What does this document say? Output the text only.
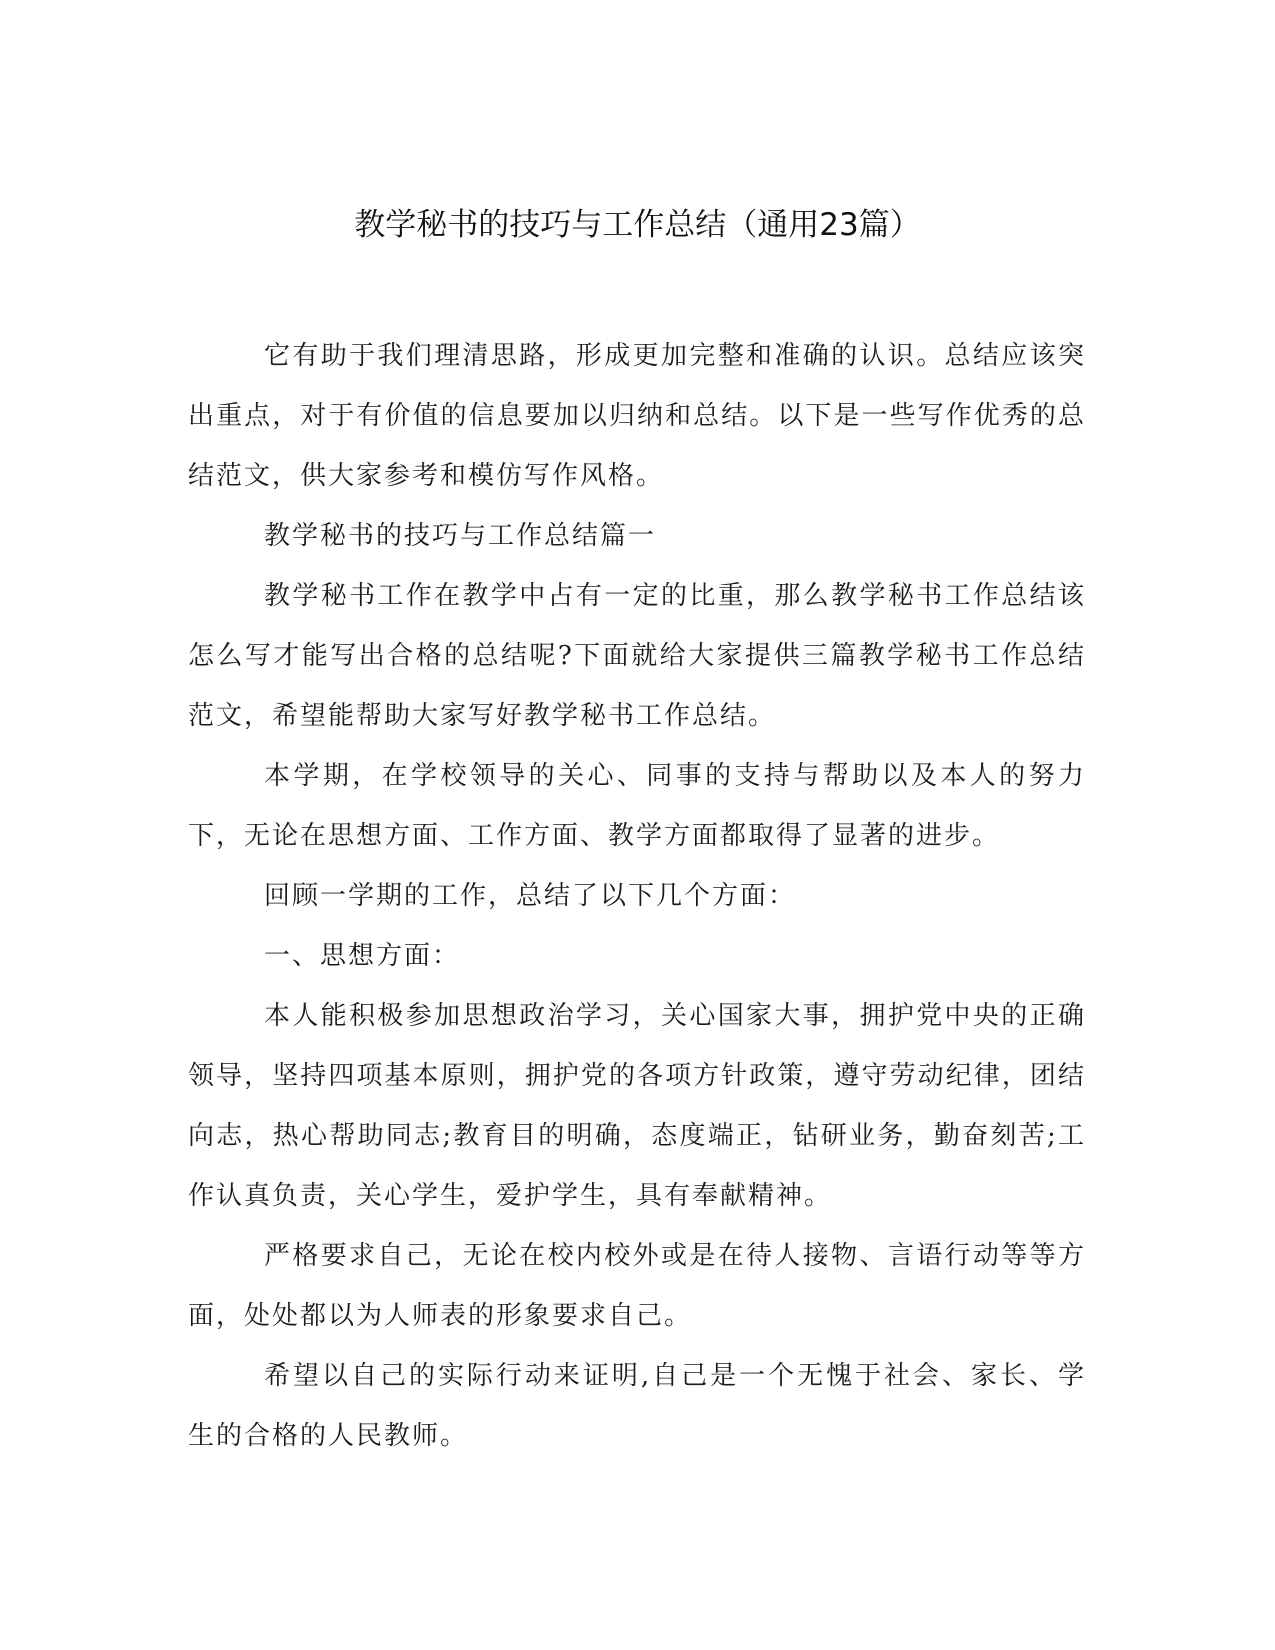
教学秘书的技巧与工作总结（通用23篇）

它有助于我们理清思路，形成更加完整和准确的认识。总结应该突出重点，对于有价值的信息要加以归纳和总结。以下是一些写作优秀的总结范文，供大家参考和模仿写作风格。

教学秘书的技巧与工作总结篇一

教学秘书工作在教学中占有一定的比重，那么教学秘书工作总结该怎么写才能写出合格的总结呢?下面就给大家提供三篇教学秘书工作总结范文，希望能帮助大家写好教学秘书工作总结。

本学期，在学校领导的关心、同事的支持与帮助以及本人的努力下，无论在思想方面、工作方面、教学方面都取得了显著的进步。

回顾一学期的工作，总结了以下几个方面：

一、思想方面：

本人能积极参加思想政治学习，关心国家大事，拥护党中央的正确领导，坚持四项基本原则，拥护党的各项方针政策，遵守劳动纪律，团结向志，热心帮助同志;教育目的明确，态度端正，钻研业务，勤奋刻苦;工作认真负责，关心学生，爱护学生，具有奉献精神。

严格要求自己，无论在校内校外或是在待人接物、言语行动等等方面，处处都以为人师表的形象要求自己。

希望以自己的实际行动来证明,自己是一个无愧于社会、家长、学生的合格的人民教师。
